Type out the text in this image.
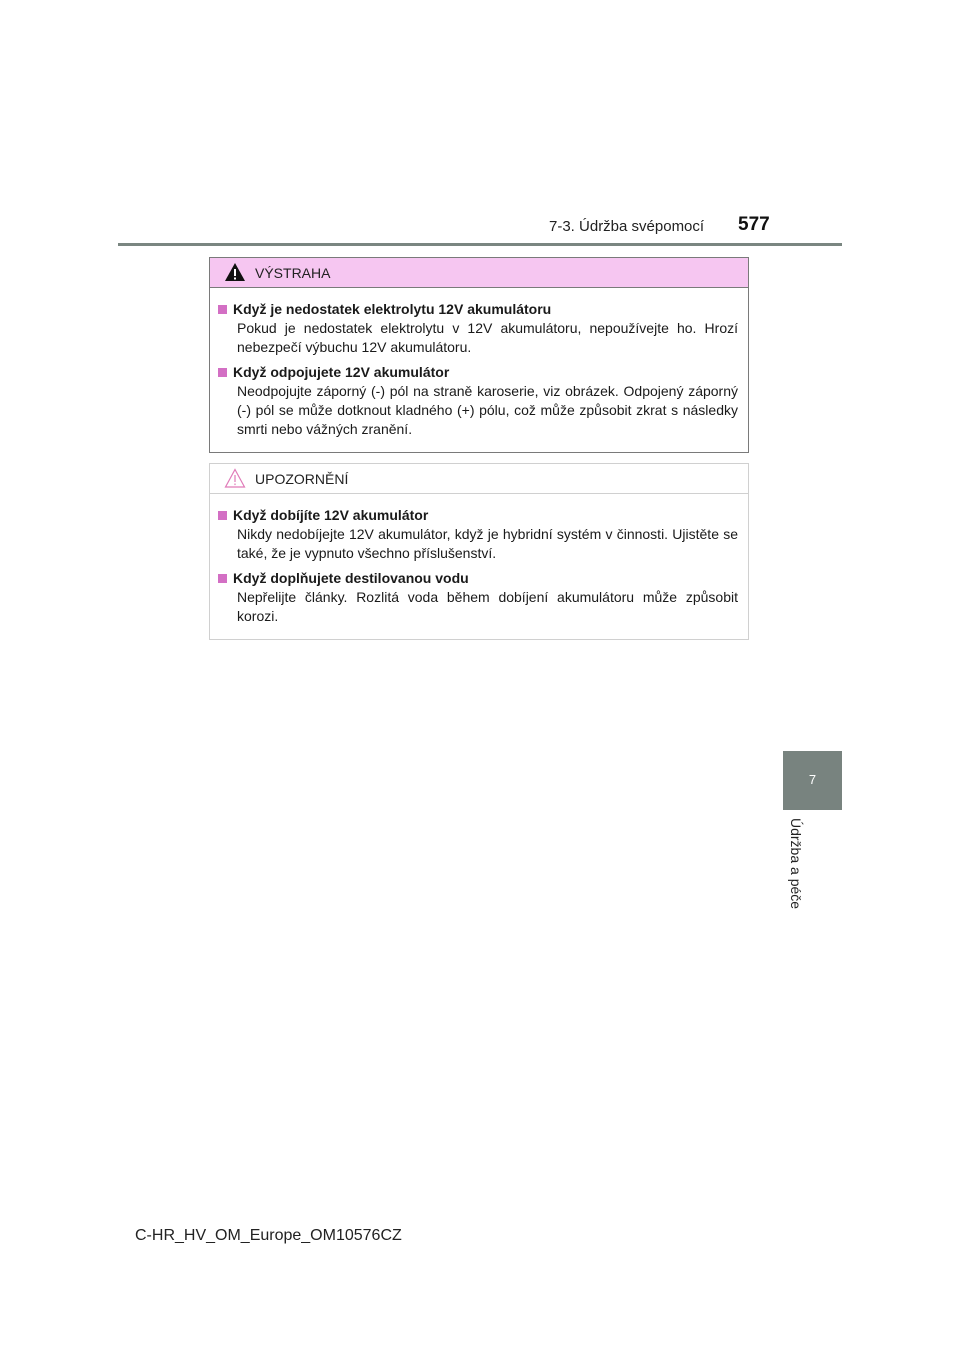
7-3. Údržba svépomocí 577
7
Údržba a péče
VÝSTRAHA
Když je nedostatek elektrolytu 12V akumulátoru
Pokud je nedostatek elektrolytu v 12V akumulátoru, nepoužívejte ho. Hrozí nebezpečí výbuchu 12V akumulátoru.
Když odpojujete 12V akumulátor
Neodpojujte záporný (-) pól na straně karoserie, viz obrázek. Odpojený záporný (-) pól se může dotknout kladného (+) pólu, což může způsobit zkrat s následky smrti nebo vážných zranění.
UPOZORNĚNÍ
Když dobíjíte 12V akumulátor
Nikdy nedobíjejte 12V akumulátor, když je hybridní systém v činnosti. Ujistěte se také, že je vypnuto všechno příslušenství.
Když doplňujete destilovanou vodu
Nepřelijte články. Rozlitá voda během dobíjení akumulátoru může způsobit korozi.
C-HR_HV_OM_Europe_OM10576CZ
